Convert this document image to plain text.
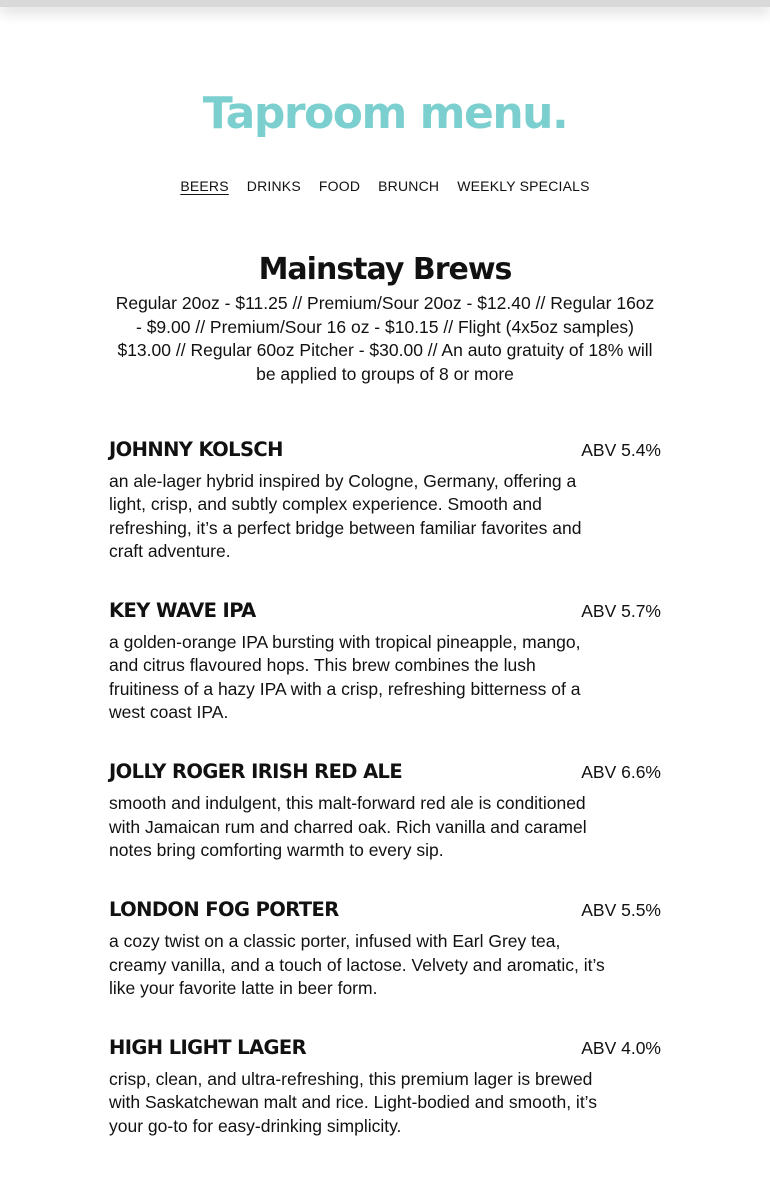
Taproom menu.
BEERS DRINKS FOOD BRUNCH WEEKLY SPECIALS
Mainstay Brews

Regular 20oz - $11.25 // Premium/Sour 20oz - $12.40 // Regular 16oz - $9.00 // Premium/Sour 16 oz - $10.15 // Flight (4x5oz samples) $13.00 // Regular 60oz Pitcher - $30.00 // An auto gratuity of 18% will be applied to groups of 8 or more

JOHNNY KOLSCH	ABV 5.4%

an ale-lager hybrid inspired by Cologne, Germany, offering a light, crisp, and subtly complex experience. Smooth and refreshing, it’s a perfect bridge between familiar favorites and craft adventure.

KEY WAVE IPA	ABV 5.7%

a golden-orange IPA bursting with tropical pineapple, mango, and citrus flavoured hops. This brew combines the lush fruitiness of a hazy IPA with a crisp, refreshing bitterness of a west coast IPA.

JOLLY ROGER IRISH RED ALE	ABV 6.6%

smooth and indulgent, this malt-forward red ale is conditioned with Jamaican rum and charred oak. Rich vanilla and caramel notes bring comforting warmth to every sip.

LONDON FOG PORTER	ABV 5.5%

a cozy twist on a classic porter, infused with Earl Grey tea, creamy vanilla, and a touch of lactose. Velvety and aromatic, it’s like your favorite latte in beer form.

HIGH LIGHT LAGER	ABV 4.0%

crisp, clean, and ultra-refreshing, this premium lager is brewed with Saskatchewan malt and rice. Light-bodied and smooth, it’s your go-to for easy-drinking simplicity.
